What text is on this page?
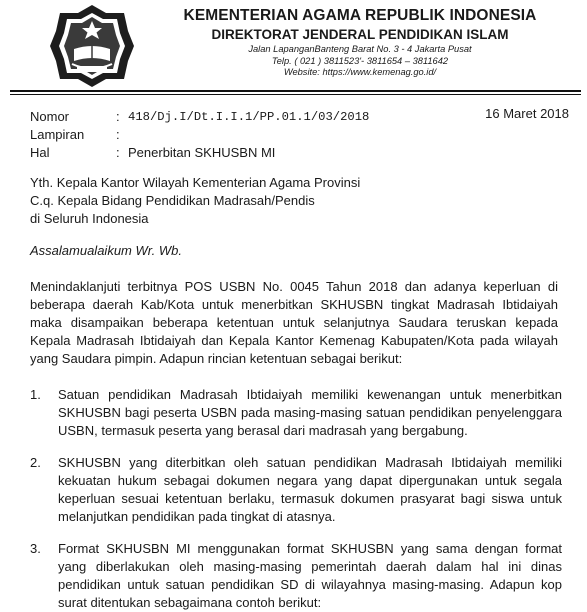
KEMENTERIAN AGAMA REPUBLIK INDONESIA
DIREKTORAT JENDERAL PENDIDIKAN ISLAM
Jalan LapanganBanteng Barat No. 3 - 4 Jakarta Pusat
Telp. ( 021 ) 3811523'- 3811654 – 3811642
Website: https://www.kemenag.go.id/
16 Maret 2018
Nomor	: 418/Dj.I/Dt.I.I.1/PP.01.1/03/2018
Lampiran	:
Hal	: Penerbitan SKHUSBN MI
Yth. Kepala Kantor Wilayah Kementerian Agama Provinsi
C.q. Kepala Bidang Pendidikan Madrasah/Pendis
di Seluruh Indonesia
Assalamualaikum Wr. Wb.
Menindaklanjuti terbitnya POS USBN No. 0045 Tahun 2018 dan adanya keperluan di beberapa daerah Kab/Kota untuk menerbitkan SKHUSBN tingkat Madrasah Ibtidaiyah maka disampaikan beberapa ketentuan untuk selanjutnya Saudara teruskan kepada Kepala Madrasah Ibtidaiyah dan Kepala Kantor Kemenag Kabupaten/Kota pada wilayah yang Saudara pimpin. Adapun rincian ketentuan sebagai berikut:
1. Satuan pendidikan Madrasah Ibtidaiyah memiliki kewenangan untuk menerbitkan SKHUSBN bagi peserta USBN pada masing-masing satuan pendidikan penyelenggara USBN, termasuk peserta yang berasal dari madrasah yang bergabung.
2. SKHUSBN yang diterbitkan oleh satuan pendidikan Madrasah Ibtidaiyah memiliki kekuatan hukum sebagai dokumen negara yang dapat dipergunakan untuk segala keperluan sesuai ketentuan berlaku, termasuk dokumen prasyarat bagi siswa untuk melanjutkan pendidikan pada tingkat di atasnya.
3. Format SKHUSBN MI menggunakan format SKHUSBN yang sama dengan format yang diberlakukan oleh masing-masing pemerintah daerah dalam hal ini dinas pendidikan untuk satuan pendidikan SD di wilayahnya masing-masing. Adapun kop surat ditentukan sebagaimana contoh berikut:
